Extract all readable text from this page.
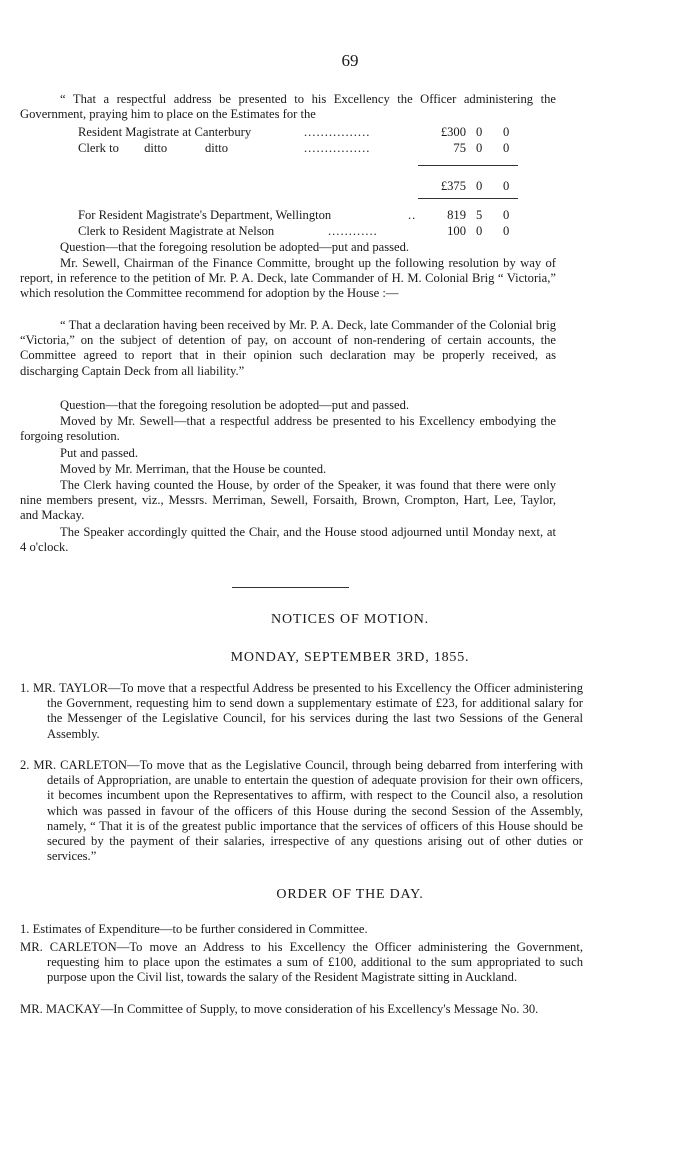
69

“ That a respectful address be presented to his Excellency the Officer administering the Government, praying him to place on the Estimates for the

Resident Magistrate at Canterbury	................	£300 0 0
Clerk to        ditto            ditto	................	75 0 0
£375 0 0
For Resident Magistrate's Department, Wellington	..	819 5 0
Clerk to Resident Magistrate at Nelson	............	100 0 0

Question—that the foregoing resolution be adopted—put and passed.

Mr. Sewell, Chairman of the Finance Committe, brought up the following resolution by way of report, in reference to the petition of Mr. P. A. Deck, late Commander of H. M. Colonial Brig “ Victoria,” which resolution the Committee recommend for adoption by the House :—

“ That a declaration having been received by Mr. P. A. Deck, late Commander of the Colonial brig “Victoria,” on the subject of detention of pay, on account of non-rendering of certain accounts, the Committee agreed to report that in their opinion such declaration may be properly received, as discharging Captain Deck from all liability.”

Question—that the foregoing resolution be adopted—put and passed.

Moved by Mr. Sewell—that a respectful address be presented to his Excellency embodying the forgoing resolution.

Put and passed.

Moved by Mr. Merriman, that the House be counted.

The Clerk having counted the House, by order of the Speaker, it was found that there were only nine members present, viz., Messrs. Merriman, Sewell, Forsaith, Brown, Crompton, Hart, Lee, Taylor, and Mackay.

The Speaker accordingly quitted the Chair, and the House stood adjourned until Monday next, at 4 o'clock.

NOTICES OF MOTION.
MONDAY, SEPTEMBER 3RD, 1855.

1. MR. TAYLOR—To move that a respectful Address be presented to his Excellency the Officer administering the Government, requesting him to send down a supplementary estimate of £23, for additional salary for the Messenger of the Legislative Council, for his services during the last two Sessions of the General Assembly.

2. MR. CARLETON—To move that as the Legislative Council, through being debarred from interfering with details of Appropriation, are unable to entertain the question of adequate provision for their own officers, it becomes incumbent upon the Representatives to affirm, with respect to the Council also, a resolution which was passed in favour of the officers of this House during the second Session of the Assembly, namely, “ That it is of the greatest public importance that the services of officers of this House should be secured by the payment of their salaries, irrespective of any questions arising out of other duties or services.”

ORDER OF THE DAY.

1. Estimates of Expenditure—to be further considered in Committee.

MR. CARLETON—To move an Address to his Excellency the Officer administering the Government, requesting him to place upon the estimates a sum of £100, additional to the sum appropriated to such purpose upon the Civil list, towards the salary of the Resident Magistrate sitting in Auckland.

MR. MACKAY—In Committee of Supply, to move consideration of his Excellency's Message No. 30.
